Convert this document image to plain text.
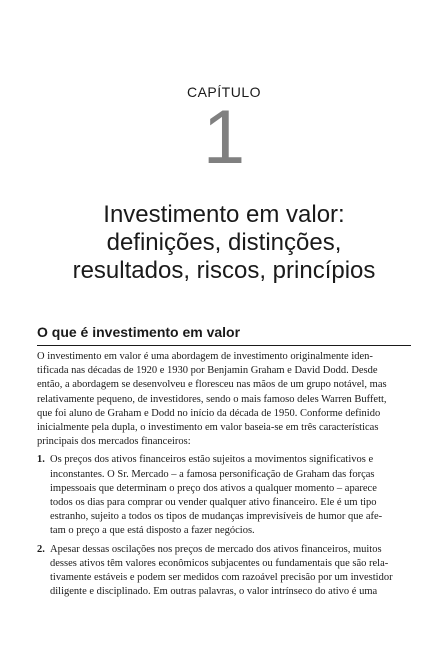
CAPÍTULO
1
Investimento em valor:
definições, distinções,
resultados, riscos, princípios
O que é investimento em valor
O investimento em valor é uma abordagem de investimento originalmente iden-
tificada nas décadas de 1920 e 1930 por Benjamin Graham e David Dodd. Desde
então, a abordagem se desenvolveu e floresceu nas mãos de um grupo notável, mas
relativamente pequeno, de investidores, sendo o mais famoso deles Warren Buffett,
que foi aluno de Graham e Dodd no início da década de 1950. Conforme definido
inicialmente pela dupla, o investimento em valor baseia-se em três características
principais dos mercados financeiros:
1. Os preços dos ativos financeiros estão sujeitos a movimentos significativos e
inconstantes. O Sr. Mercado – a famosa personificação de Graham das forças
impessoais que determinam o preço dos ativos a qualquer momento – aparece
todos os dias para comprar ou vender qualquer ativo financeiro. Ele é um tipo
estranho, sujeito a todos os tipos de mudanças imprevisíveis de humor que afe-
tam o preço a que está disposto a fazer negócios.
2. Apesar dessas oscilações nos preços de mercado dos ativos financeiros, muitos
desses ativos têm valores econômicos subjacentes ou fundamentais que são rela-
tivamente estáveis e podem ser medidos com razoável precisão por um investidor
diligente e disciplinado. Em outras palavras, o valor intrínseco do ativo é uma
